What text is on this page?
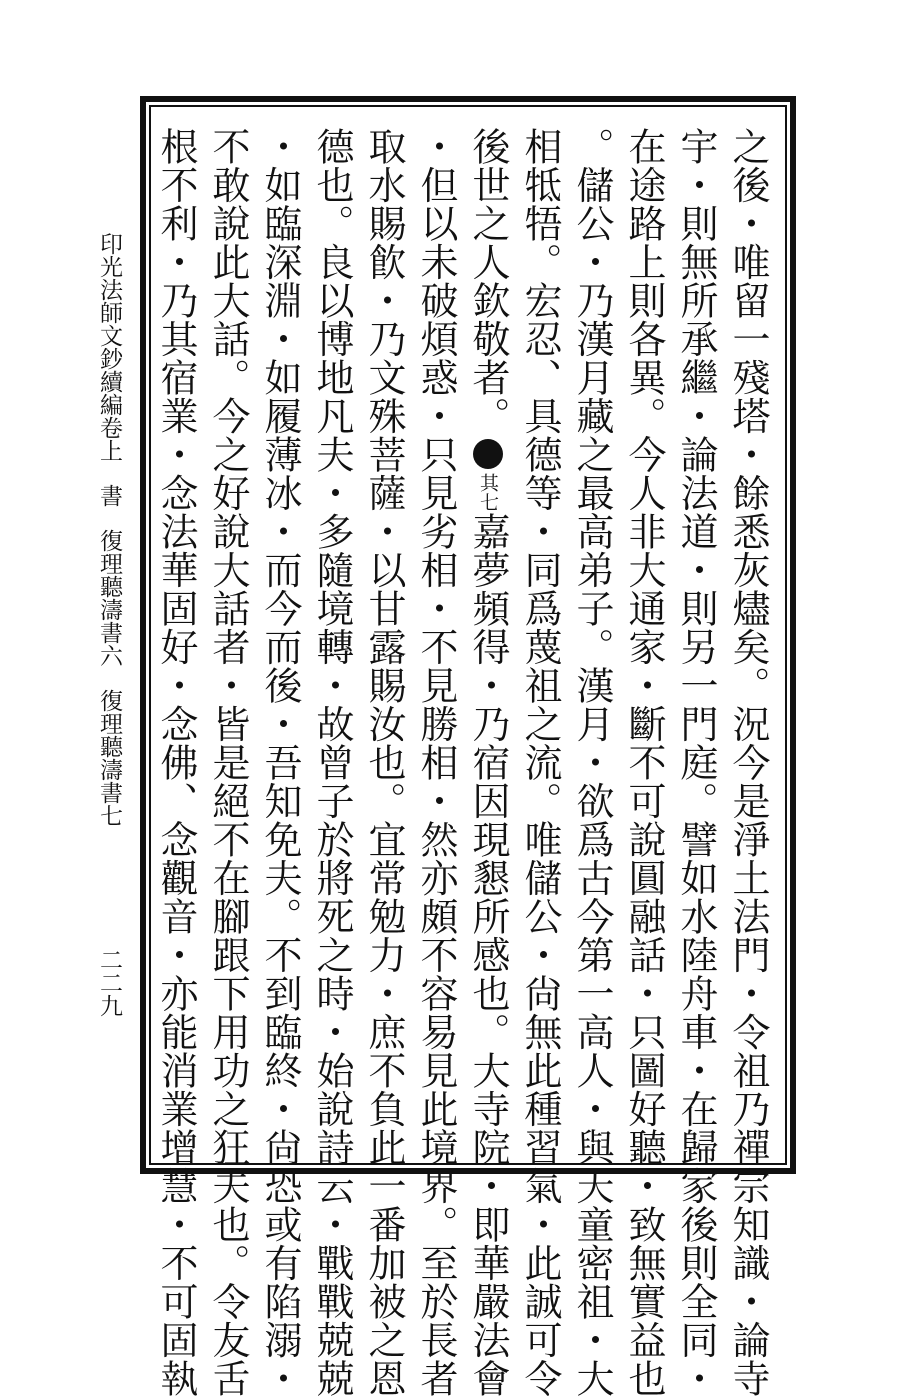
印光法師文鈔續編卷上書復理聽濤書六復理聽濤書七
二二九	之後・唯留一殘塔・餘悉灰燼矣。況今是淨土法門・令祖乃禪宗知識・論寺
宇・則無所承繼・論法道・則另一門庭。譬如水陸舟車・在歸家後則全同・
在途路上則各異。今人非大通家・斷不可說圓融話・只圖好聽・致無實益也
。儲公・乃漢月藏之最高弟子。漢月・欲爲古今第一高人・與天童密祖・大
相牴牾。宏忍、具德等・同爲蔑祖之流。唯儲公・尙無此種習氣・此誠可令
後世之人欽敬者。其七嘉夢頻得・乃宿因現懇所感也。大寺院・即華嚴法會
・但以未破煩惑・只見劣相・不見勝相・然亦頗不容易見此境界。至於長者
取水賜飮・乃文殊菩薩・以甘露賜汝也。宜常勉力・庶不負此一番加被之恩
德也。良以博地凡夫・多隨境轉・故曾子於將死之時・始說詩云・戰戰兢兢
・如臨深淵・如履薄冰・而今而後・吾知免夫。不到臨終・尙恐或有陷溺・
不敢說此大話。今之好說大話者・皆是絕不在腳跟下用功之狂夫也。令友舌
根不利・乃其宿業・念法華固好・念佛、念觀音・亦能消業增慧・不可固執
